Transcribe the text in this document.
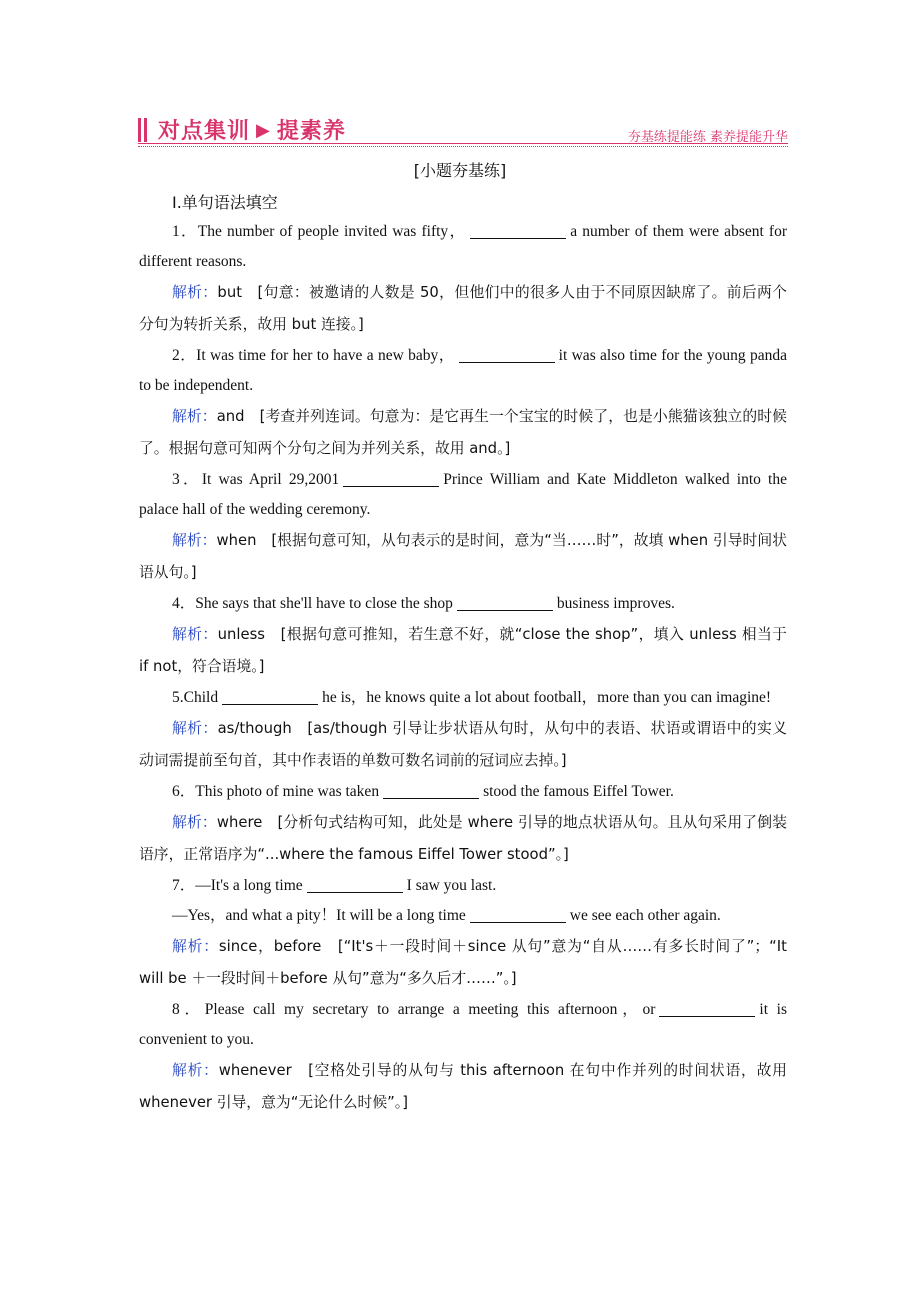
对点集训 ▶ 提素养	夯基练提能练 素养提能升华
[小题夯基练]
Ⅰ.单句语法填空

1．The number of people invited was fifty，	a number of them were absent for different reasons.

解析：but　 [句意：被邀请的人数是 50，但他们中的很多人由于不同原因缺席了。前后两个分句为转折关系，故用 but 连接。]

2．It was time for her to have a new baby，	it was also time for the young panda to be independent.

解析：and　 [考查并列连词。句意为：是它再生一个宝宝的时候了，也是小熊猫该独立的时候了。根据句意可知两个分句之间为并列关系，故用 and。]

3．It was April 29,2001	Prince William and Kate Middleton walked into the palace hall of the wedding ceremony.

解析：when　 [根据句意可知，从句表示的是时间，意为“当……时”，故填 when 引导时间状语从句。]

4．She says that she'll have to close the shop	business improves.

解析：unless　 [根据句意可推知，若生意不好，就“close the shop”，填入 unless 相当于 if not，符合语境。]

5.Child	he is，he knows quite a lot about football，more than you can imagine!

解析：as/though　 [as/though 引导让步状语从句时，从句中的表语、状语或谓语中的实义动词需提前至句首，其中作表语的单数可数名词前的冠词应去掉。]

6．This photo of mine was taken	stood the famous Eiffel Tower.

解析：where　 [分析句式结构可知，此处是 where 引导的地点状语从句。且从句采用了倒装语序，正常语序为“...where the famous Eiffel Tower stood”。]

7．—It's a long time	I saw you last.

—Yes，and what a pity！It will be a long time	we see each other again.

解析：since，before　 [“It's＋一段时间＋since 从句”意为“自从……有多长时间了”；“It will be ＋一段时间＋before 从句”意为“多久后才……”。]

8．Please call my secretary to arrange a meeting this afternoon，or	it is convenient to you.

解析：whenever　 [空格处引导的从句与 this afternoon 在句中作并列的时间状语，故用 whenever 引导，意为“无论什么时候”。]
